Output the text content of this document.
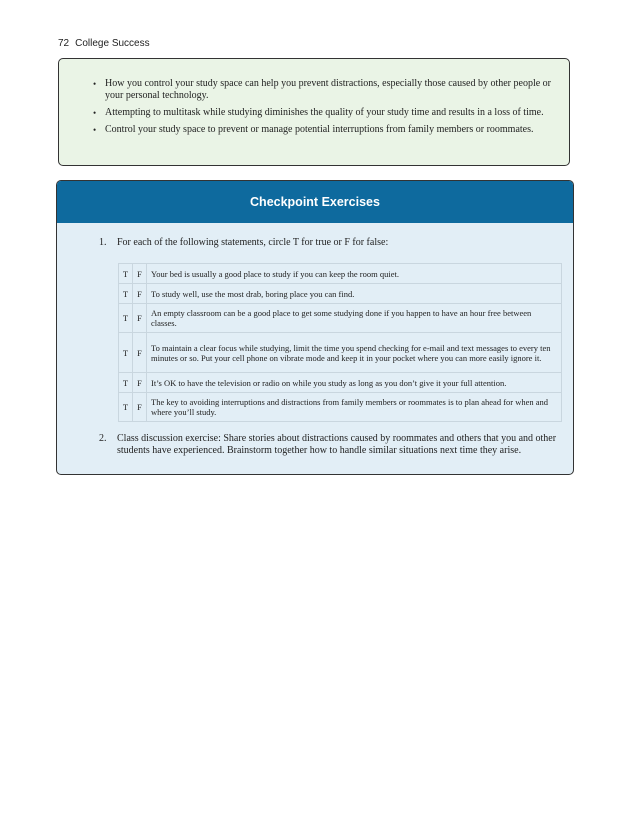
72 College Success
• How you control your study space can help you prevent distractions, especially those caused by other people or your personal technology.
• Attempting to multitask while studying diminishes the quality of your study time and results in a loss of time.
• Control your study space to prevent or manage potential interruptions from family members or roommates.
Checkpoint Exercises
1. For each of the following statements, circle T for true or F for false:
T	F	Your bed is usually a good place to study if you can keep the room quiet.
T	F	To study well, use the most drab, boring place you can find.
T	F	An empty classroom can be a good place to get some studying done if you happen to have an hour free between classes.
T	F	To maintain a clear focus while studying, limit the time you spend checking for e-mail and text messages to every ten minutes or so. Put your cell phone on vibrate mode and keep it in your pocket where you can more easily ignore it.
T	F	It’s OK to have the television or radio on while you study as long as you don’t give it your full attention.
T	F	The key to avoiding interruptions and distractions from family members or roommates is to plan ahead for when and where you’ll study.
2. Class discussion exercise: Share stories about distractions caused by roommates and others that you and other students have experienced. Brainstorm together how to handle similar situations next time they arise.
